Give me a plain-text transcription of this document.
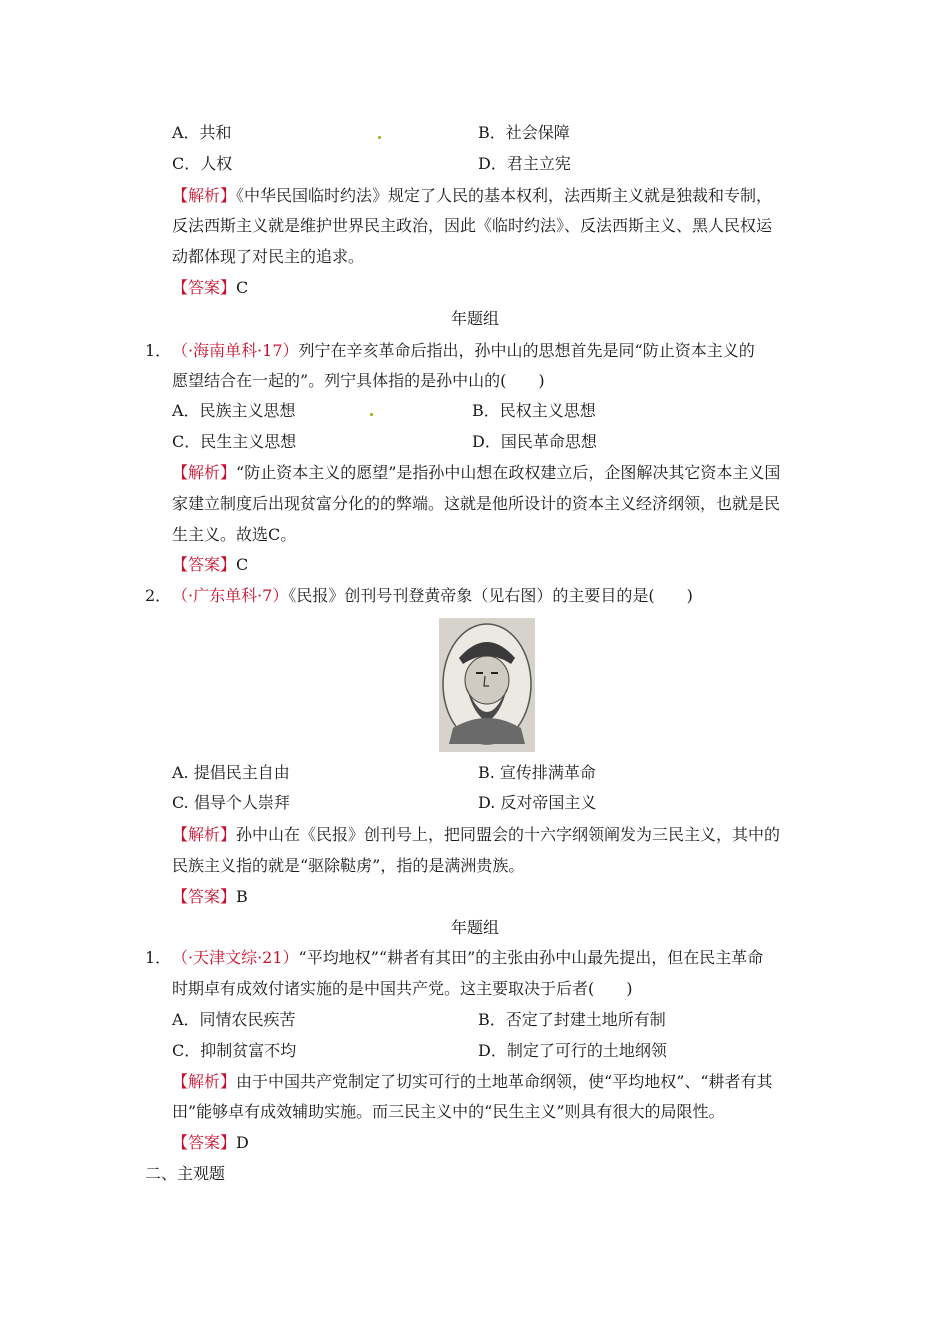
A．共和	B．社会保障
C．人权	D．君主立宪
【解析】《中华民国临时约法》规定了人民的基本权利，法西斯主义就是独裁和专制，
反法西斯主义就是维护世界民主政治，因此《临时约法》、反法西斯主义、黑人民权运
动都体现了对民主的追求。
【答案】C
年题组
1． （·海南单科·17）列宁在辛亥革命后指出，孙中山的思想首先是同“防止资本主义的
愿望结合在一起的”。列宁具体指的是孙中山的(　　)
A．民族主义思想	B．民权主义思想
C．民生主义思想	D．国民革命思想
【解析】“防止资本主义的愿望”是指孙中山想在政权建立后，企图解决其它资本主义国
家建立制度后出现贫富分化的的弊端。这就是他所设计的资本主义经济纲领，也就是民
生主义。故选C。
【答案】C
2． （·广东单科·7）《民报》创刊号刊登黄帝象（见右图）的主要目的是(　　)
A. 提倡民主自由	B. 宣传排满革命
C. 倡导个人崇拜	D. 反对帝国主义
【解析】孙中山在《民报》创刊号上，把同盟会的十六字纲领阐发为三民主义，其中的
民族主义指的就是“驱除鞑虏”，指的是满洲贵族。
【答案】B
年题组
1． （·天津文综·21）“平均地权”“耕者有其田”的主张由孙中山最先提出，但在民主革命
时期卓有成效付诸实施的是中国共产党。这主要取决于后者(　　)
A．同情农民疾苦	B．否定了封建土地所有制
C．抑制贫富不均	D．制定了可行的土地纲领
【解析】由于中国共产党制定了切实可行的土地革命纲领，使“平均地权”、“耕者有其
田”能够卓有成效辅助实施。而三民主义中的“民生主义”则具有很大的局限性。
【答案】D
二、主观题
